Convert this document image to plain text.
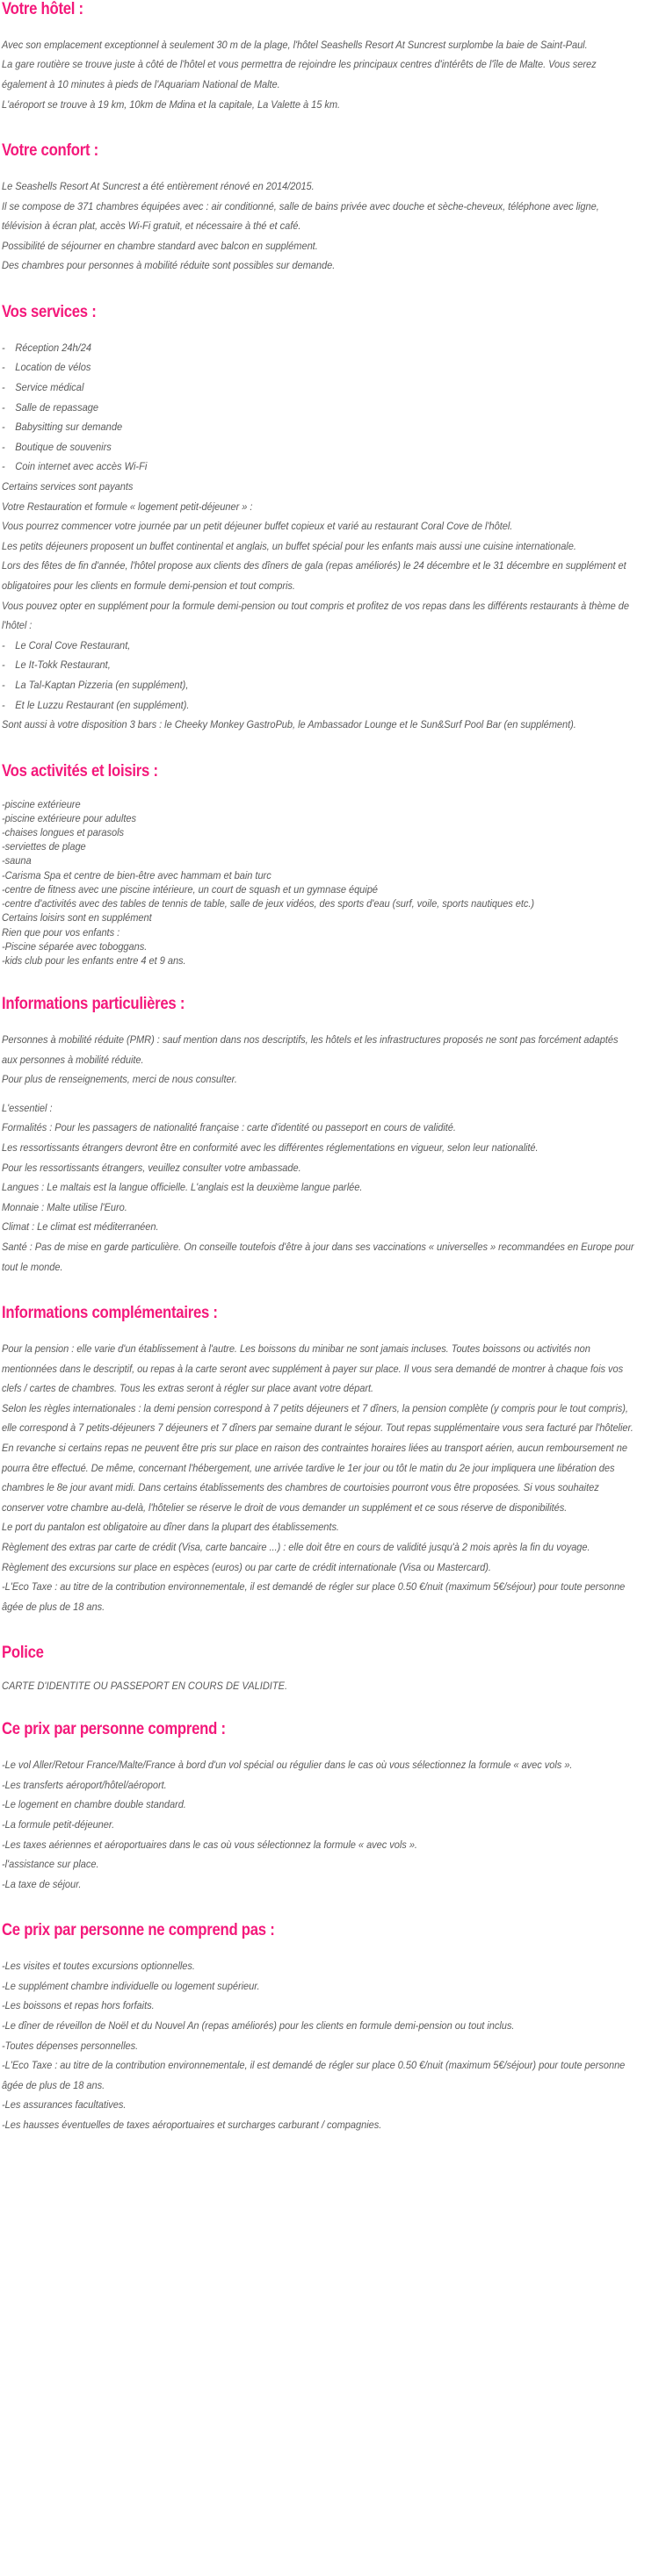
Votre hôtel :

Avec son emplacement exceptionnel à seulement 30 m de la plage, l'hôtel Seashells Resort At Suncrest surplombe la baie de Saint-Paul.

La gare routière se trouve juste à côté de l'hôtel et vous permettra de rejoindre les principaux centres d'intérêts de l'île de Malte. Vous serez également à 10 minutes à pieds de l'Aquariam National de Malte.

L'aéroport se trouve à 19 km, 10km de Mdina et la capitale, La Valette à 15 km.

Votre confort :

Le Seashells Resort At Suncrest a été entièrement rénové en 2014/2015.

Il se compose de 371 chambres équipées avec : air conditionné, salle de bains privée avec douche et sèche-cheveux, téléphone avec ligne, télévision à écran plat, accès Wi-Fi gratuit, et nécessaire à thé et café.

Possibilité de séjourner en chambre standard avec balcon en supplément.

Des chambres pour personnes à mobilité réduite sont possibles sur demande.

Vos services :
- Réception 24h/24
- Location de vélos
- Service médical
- Salle de repassage
- Babysitting sur demande
- Boutique de souvenirs
- Coin internet avec accès Wi-Fi

Certains services sont payants

Votre Restauration et formule « logement petit-déjeuner » :

Vous pourrez commencer votre journée par un petit déjeuner buffet copieux et varié au restaurant Coral Cove de l'hôtel.

Les petits déjeuners proposent un buffet continental et anglais, un buffet spécial pour les enfants mais aussi une cuisine internationale.

Lors des fêtes de fin d'année, l'hôtel propose aux clients des dîners de gala (repas améliorés) le 24 décembre et le 31 décembre en supplément et obligatoires pour les clients en formule demi-pension et tout compris.

Vous pouvez opter en supplément pour la formule demi-pension ou tout compris et profitez de vos repas dans les différents restaurants à thème de l'hôtel :

- Le Coral Cove Restaurant,
- Le It-Tokk Restaurant,
- La Tal-Kaptan Pizzeria (en supplément),
- Et le Luzzu Restaurant (en supplément).

Sont aussi à votre disposition 3 bars : le Cheeky Monkey GastroPub, le Ambassador Lounge et le Sun&Surf Pool Bar (en supplément).

Vos activités et loisirs :

-piscine extérieure

-piscine extérieure pour adultes

-chaises longues et parasols

-serviettes de plage

-sauna

-Carisma Spa et centre de bien-être avec hammam et bain turc

-centre de fitness avec une piscine intérieure, un court de squash et un gymnase équipé

-centre d'activités avec des tables de tennis de table, salle de jeux vidéos, des sports d'eau (surf, voile, sports nautiques etc.)

Certains loisirs sont en supplément

Rien que pour vos enfants :

-Piscine séparée avec toboggans.

-kids club pour les enfants entre 4 et 9 ans.

Informations particulières :

Personnes à mobilité réduite (PMR) : sauf mention dans nos descriptifs, les hôtels et les infrastructures proposés ne sont pas forcément adaptés aux personnes à mobilité réduite.

Pour plus de renseignements, merci de nous consulter.

L'essentiel :

Formalités : Pour les passagers de nationalité française : carte d'identité ou passeport en cours de validité.

Les ressortissants étrangers devront être en conformité avec les différentes réglementations en vigueur, selon leur nationalité.

Pour les ressortissants étrangers, veuillez consulter votre ambassade.

Langues : Le maltais est la langue officielle. L'anglais est la deuxième langue parlée.

Monnaie : Malte utilise l'Euro.

Climat : Le climat est méditerranéen.

Santé : Pas de mise en garde particulière. On conseille toutefois d'être à jour dans ses vaccinations « universelles » recommandées en Europe pour tout le monde.

Informations complémentaires :

Pour la pension : elle varie d'un établissement à l'autre. Les boissons du minibar ne sont jamais incluses. Toutes boissons ou activités non mentionnées dans le descriptif, ou repas à la carte seront avec supplément à payer sur place. Il vous sera demandé de montrer à chaque fois vos clefs / cartes de chambres. Tous les extras seront à régler sur place avant votre départ.

Selon les règles internationales : la demi pension correspond à 7 petits déjeuners et 7 dîners, la pension complète (y compris pour le tout compris), elle correspond à 7 petits-déjeuners 7 déjeuners et 7 dîners par semaine durant le séjour. Tout repas supplémentaire vous sera facturé par l'hôtelier. En revanche si certains repas ne peuvent être pris sur place en raison des contraintes horaires liées au transport aérien, aucun remboursement ne pourra être effectué. De même, concernant l'hébergement, une arrivée tardive le 1er jour ou tôt le matin du 2e jour impliquera une libération des chambres le 8e jour avant midi. Dans certains établissements des chambres de courtoisies pourront vous être proposées. Si vous souhaitez conserver votre chambre au-delà, l'hôtelier se réserve le droit de vous demander un supplément et ce sous réserve de disponibilités.

Le port du pantalon est obligatoire au dîner dans la plupart des établissements.

Règlement des extras par carte de crédit (Visa, carte bancaire ...) : elle doit être en cours de validité jusqu'à 2 mois après la fin du voyage.

Règlement des excursions sur place en espèces (euros) ou par carte de crédit internationale (Visa ou Mastercard).

-L'Eco Taxe : au titre de la contribution environnementale, il est demandé de régler sur place 0.50 €/nuit (maximum 5€/séjour) pour toute personne âgée de plus de 18 ans.

Police

CARTE D'IDENTITE OU PASSEPORT EN COURS DE VALIDITE.

Ce prix par personne comprend :

-Le vol Aller/Retour France/Malte/France à bord d'un vol spécial ou régulier dans le cas où vous sélectionnez la formule « avec vols ».

-Les transferts aéroport/hôtel/aéroport.

-Le logement en chambre double standard.

-La formule petit-déjeuner.

-Les taxes aériennes et aéroportuaires dans le cas où vous sélectionnez la formule « avec vols ».

-l'assistance sur place.

-La taxe de séjour.

Ce prix par personne ne comprend pas :

-Les visites et toutes excursions optionnelles.

-Le supplément chambre individuelle ou logement supérieur.

-Les boissons et repas hors forfaits.

-Le dîner de réveillon de Noël et du Nouvel An (repas améliorés) pour les clients en formule demi-pension ou tout inclus.

-Toutes dépenses personnelles.

-L'Eco Taxe : au titre de la contribution environnementale, il est demandé de régler sur place 0.50 €/nuit (maximum 5€/séjour) pour toute personne âgée de plus de 18 ans.

-Les assurances facultatives.

-Les hausses éventuelles de taxes aéroportuaires et surcharges carburant / compagnies.
